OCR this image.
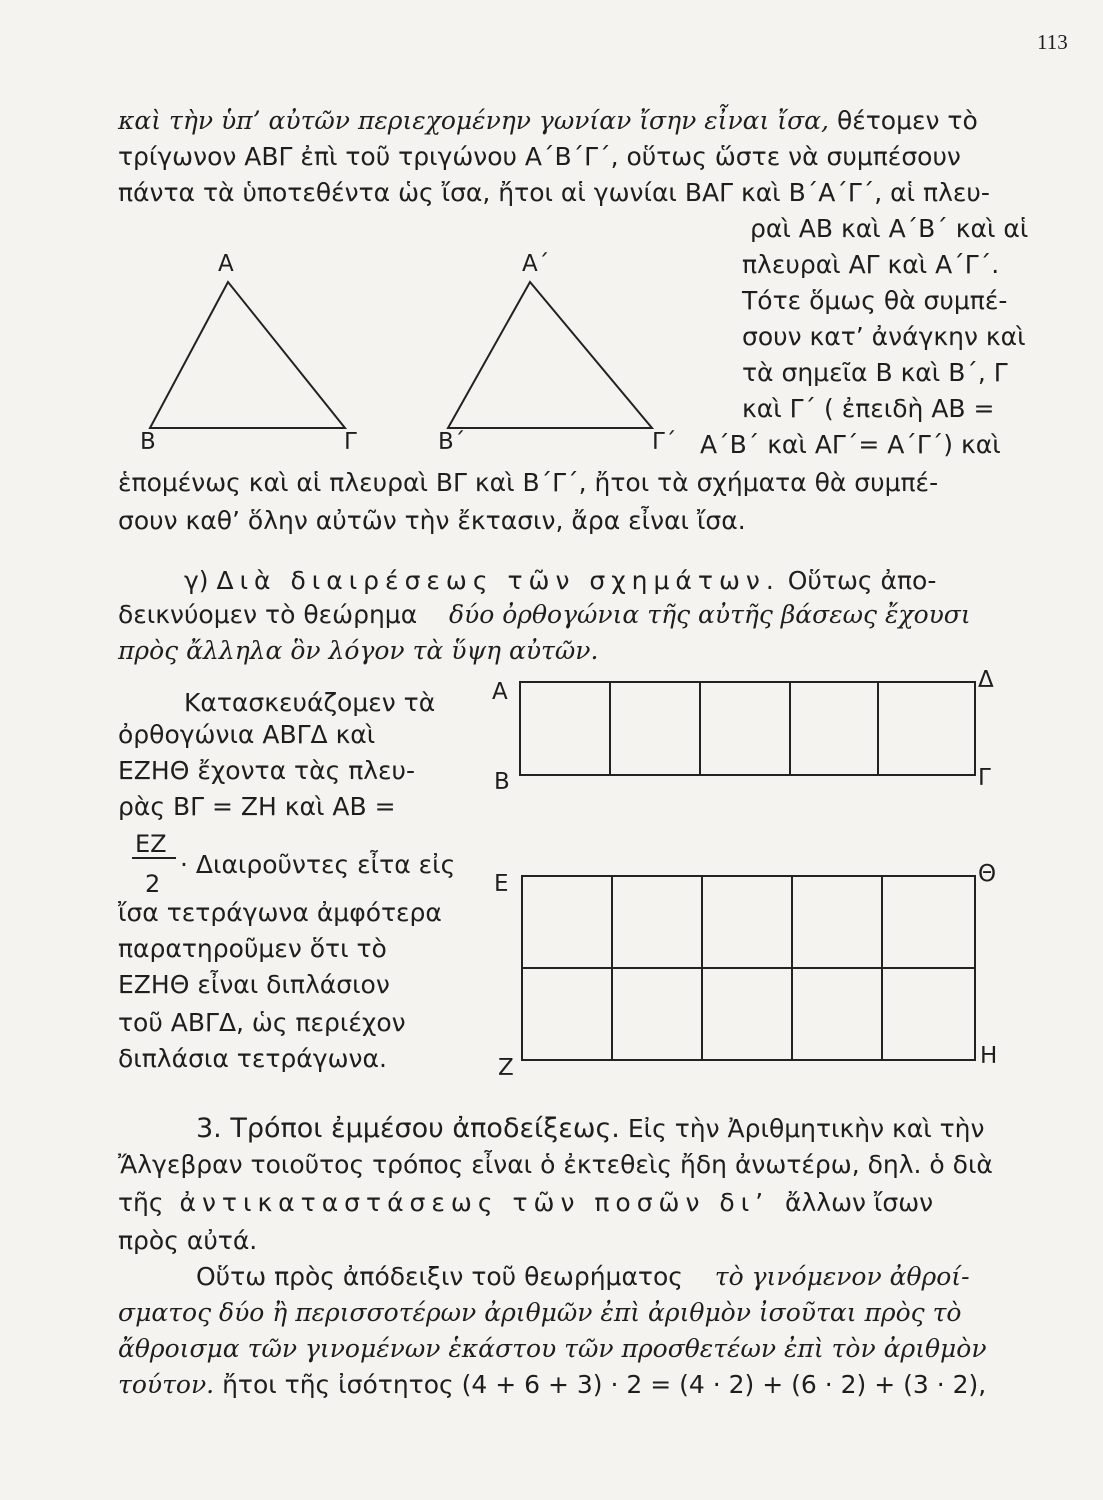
113
καὶ τὴν ὑπ’ αὐτῶν περιεχομένην γωνίαν ἴσην εἶναι ἴσα, θέτομεν τὸ
τρίγωνον ΑΒΓ ἐπὶ τοῦ τριγώνου Α΄Β΄Γ΄, οὕτως ὥστε νὰ συμπέσουν
πάντα τὰ ὑποτεθέντα ὡς ἴσα, ἤτοι αἱ γωνίαι ΒΑΓ καὶ Β΄Α΄Γ΄, αἱ πλευ-
ραὶ ΑΒ καὶ Α΄Β΄ καὶ αἱ
πλευραὶ ΑΓ καὶ Α΄Γ΄.
Τότε ὅμως θὰ συμπέ-
σουν κατ’ ἀνάγκην καὶ
τὰ σημεῖα Β καὶ Β΄, Γ
καὶ Γ΄ ( ἐπειδὴ ΑΒ =
Α΄Β΄ καὶ ΑΓ΄= Α΄Γ΄) καὶ
ἑπομένως καὶ αἱ πλευραὶ ΒΓ καὶ Β΄Γ΄, ἤτοι τὰ σχήματα θὰ συμπέ-
σουν καθ’ ὅλην αὐτῶν τὴν ἔκτασιν, ἄρα εἶναι ἴσα.
Α
Β	Γ
Α΄
Β΄	Γ΄
γ) Διὰ διαιρέσεως τῶν σχημάτων. Οὕτως ἀπο-
δεικνύομεν τὸ θεώρημα δύο ὀρθογώνια τῆς αὐτῆς βάσεως ἔχουσι
πρὸς ἄλληλα ὃν λόγον τὰ ὕψη αὐτῶν.
Κατασκευάζομεν τὰ
ὀρθογώνια ΑΒΓΔ καὶ
ΕΖΗΘ ἔχοντα τὰς πλευ-
ρὰς ΒΓ = ΖΗ καὶ ΑΒ =
ΕΖ
2
· Διαιροῦντες εἶτα εἰς
ἴσα τετράγωνα ἀμφότερα
παρατηροῦμεν ὅτι τὸ
ΕΖΗΘ εἶναι διπλάσιον
τοῦ ΑΒΓΔ, ὡς περιέχον
διπλάσια τετράγωνα.
Α	Δ
Β	Γ
Ε	Θ
Ζ	Η
3. Τρόποι ἐμμέσου ἀποδείξεως. Εἰς τὴν Ἀριθμητικὴν καὶ τὴν
Ἄλγεβραν τοιοῦτος τρόπος εἶναι ὁ ἐκτεθεὶς ἤδη ἀνωτέρω, δηλ. ὁ διὰ
τῆς ἀντικαταστάσεως τῶν ποσῶν δι’ ἄλλων ἴσων
πρὸς αὐτά.
Οὕτω πρὸς ἀπόδειξιν τοῦ θεωρήματος τὸ γινόμενον ἀθροί-
σματος δύο ἢ περισσοτέρων ἀριθμῶν ἐπὶ ἀριθμὸν ἰσοῦται πρὸς τὸ
ἄθροισμα τῶν γινομένων ἑκάστου τῶν προσθετέων ἐπὶ τὸν ἀριθμὸν
τούτον. ἤτοι τῆς ἰσότητος (4 + 6 + 3) · 2 = (4 · 2) + (6 · 2) + (3 · 2),
